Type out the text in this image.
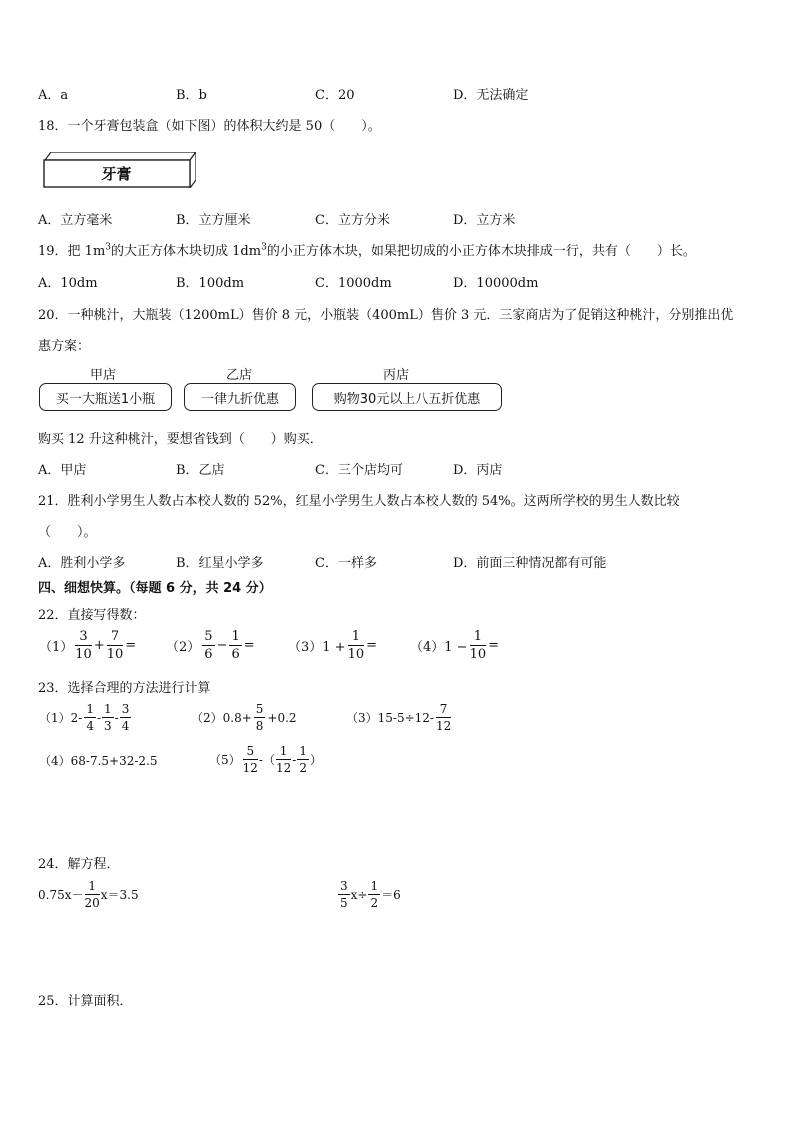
A．a	B．b	C．20	D．无法确定
18．一个牙膏包装盒（如下图）的体积大约是 50（　　）。
牙膏
A．立方毫米	B．立方厘米	C．立方分米	D．立方米
19．把 $1m^3$的大正方体木块切成 $1dm^3$的小正方体木块，如果把切成的小正方体木块排成一行，共有（　　）长。
A．10dm	B．100dm	C．1000dm	D．10000dm
20．一种桃汁，大瓶装（1200mL）售价 8 元，小瓶装（400mL）售价 3 元．三家商店为了促销这种桃汁，分别推出优
惠方案：
甲店	乙店	丙店
买一大瓶送1小瓶	一律九折优惠	购物30元以上八五折优惠
购买 12 升这种桃汁，要想省钱到（　　）购买．
A．甲店	B．乙店	C．三个店均可	D．丙店
21．胜利小学男生人数占本校人数的 52%，红星小学男生人数占本校人数的 54%。这两所学校的男生人数比较
（　　）。
A．胜利小学多	B．红星小学多	C．一样多	D．前面三种情况都有可能
四、细想快算。（每题 6 分，共 24 分）
22．直接写得数：
$(1) \frac{3}{10} + \frac{7}{10} = (2) \frac{5}{6} - \frac{1}{6}$ =	$(3)1 + \frac{1}{10}$ =	$(4)1 - \frac{1}{10}$ =
23．选择合理的方法进行计算
$(1)2- \frac{1}{4} - \frac{1}{3} - \frac{3}{4}$	$(2)0.8+ \frac{5}{8} +0.2$	$(3)15-5\div 12- \frac{7}{12}$
（4）68-7.5+32-2.5	$(5) \frac{5}{12}$ -（ $\frac{1}{12} - \frac{1}{2}$ ）
24．解方程．
$0.75x- \frac{1}{20} x=3.5$	$\frac{3}{5} x\div \frac{1}{2} =6$
25．计算面积．
